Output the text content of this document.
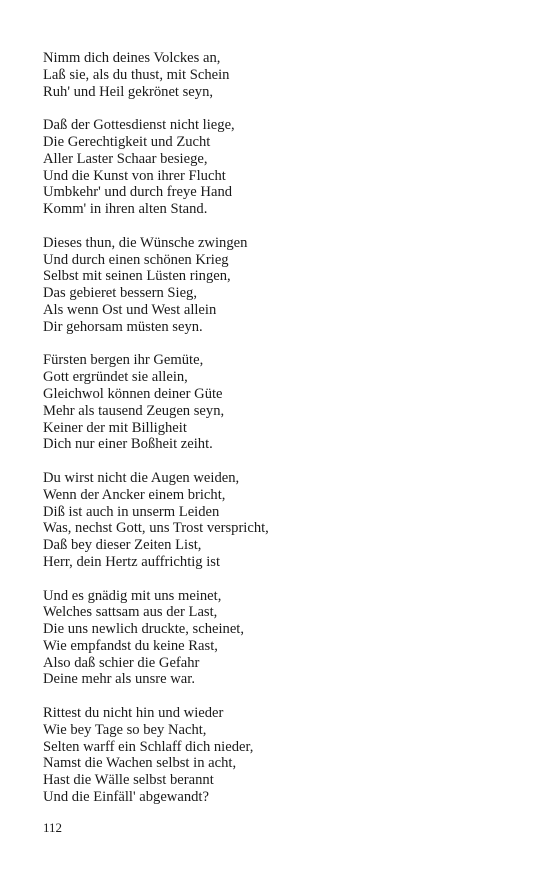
Nimm dich deines Volckes an,
Laß sie, als du thust, mit Schein
Ruh' und Heil gekrönet seyn,
Daß der Gottesdienst nicht liege,
Die Gerechtigkeit und Zucht
Aller Laster Schaar besiege,
Und die Kunst von ihrer Flucht
Umbkehr' und durch freye Hand
Komm' in ihren alten Stand.
Dieses thun, die Wünsche zwingen
Und durch einen schönen Krieg
Selbst mit seinen Lüsten ringen,
Das gebieret bessern Sieg,
Als wenn Ost und West allein
Dir gehorsam müsten seyn.
Fürsten bergen ihr Gemüte,
Gott ergründet sie allein,
Gleichwol können deiner Güte
Mehr als tausend Zeugen seyn,
Keiner der mit Billigheit
Dich nur einer Boßheit zeiht.
Du wirst nicht die Augen weiden,
Wenn der Ancker einem bricht,
Diß ist auch in unserm Leiden
Was, nechst Gott, uns Trost verspricht,
Daß bey dieser Zeiten List,
Herr, dein Hertz auffrichtig ist
Und es gnädig mit uns meinet,
Welches sattsam aus der Last,
Die uns newlich druckte, scheinet,
Wie empfandst du keine Rast,
Also daß schier die Gefahr
Deine mehr als unsre war.
Rittest du nicht hin und wieder
Wie bey Tage so bey Nacht,
Selten warff ein Schlaff dich nieder,
Namst die Wachen selbst in acht,
Hast die Wälle selbst berannt
Und die Einfäll' abgewandt?
112
